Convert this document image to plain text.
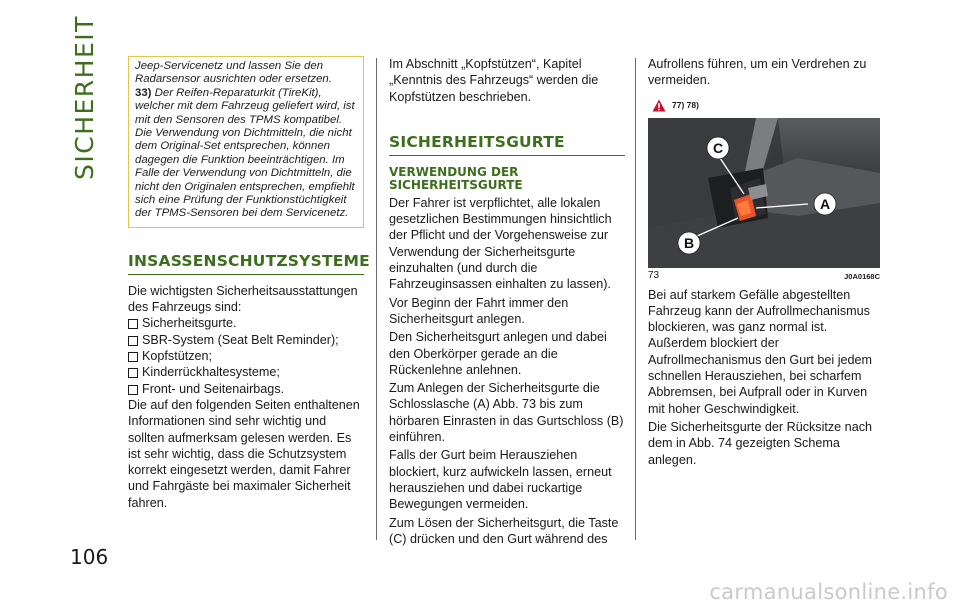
SICHERHEIT
106

Jeep-Servicenetz und lassen Sie den Radarsensor ausrichten oder ersetzen.
33) Der Reifen-Reparaturkit (TireKit), welcher mit dem Fahrzeug geliefert wird, ist mit den Sensoren des TPMS kompatibel. Die Verwendung von Dichtmitteln, die nicht dem Original-Set entsprechen, können dagegen die Funktion beeinträchtigen. Im Falle der Verwendung von Dichtmitteln, die nicht den Originalen entsprechen, empfiehlt sich eine Prüfung der Funktionstüchtigkeit der TPMS-Sensoren bei dem Servicenetz.

INSASSENSCHUTZSYSTEME

Die wichtigsten Sicherheitsausstattungen des Fahrzeugs sind:

Sicherheitsgurte.
SBR-System (Seat Belt Reminder);
Kopfstützen;
Kinderrückhaltesysteme;
Front- und Seitenairbags.

Die auf den folgenden Seiten enthaltenen Informationen sind sehr wichtig und sollten aufmerksam gelesen werden. Es ist sehr wichtig, dass die Schutzsystem korrekt eingesetzt werden, damit Fahrer und Fahrgäste bei maximaler Sicherheit fahren.

Im Abschnitt „Kopfstützen“, Kapitel „Kenntnis des Fahrzeugs“ werden die Kopfstützen beschrieben.

SICHERHEITSGURTE
VERWENDUNG DER SICHERHEITSGURTE

Der Fahrer ist verpflichtet, alle lokalen gesetzlichen Bestimmungen hinsichtlich der Pflicht und der Vorgehensweise zur Verwendung der Sicherheitsgurte einzuhalten (und durch die Fahrzeuginsassen einhalten zu lassen).

Vor Beginn der Fahrt immer den Sicherheitsgurt anlegen.

Den Sicherheitsgurt anlegen und dabei den Oberkörper gerade an die Rückenlehne anlehnen.

Zum Anlegen der Sicherheitsgurte die Schlosslasche (A) Abb. 73 bis zum hörbaren Einrasten in das Gurtschloss (B) einführen.

Falls der Gurt beim Herausziehen blockiert, kurz aufwickeln lassen, erneut herausziehen und dabei ruckartige Bewegungen vermeiden.

Zum Lösen der Sicherheitsgurt, die Taste (C) drücken und den Gurt während des

Aufrollens führen, um ein Verdrehen zu vermeiden.

77) 78)
C
A
B
73	J0A0168C

Bei auf starkem Gefälle abgestellten Fahrzeug kann der Aufrollmechanismus blockieren, was ganz normal ist. Außerdem blockiert der Aufrollmechanismus den Gurt bei jedem schnellen Herausziehen, bei scharfem Abbremsen, bei Aufprall oder in Kurven mit hoher Geschwindigkeit.

Die Sicherheitsgurte der Rücksitze nach dem in Abb. 74 gezeigten Schema anlegen.

carmanualsonline.info
